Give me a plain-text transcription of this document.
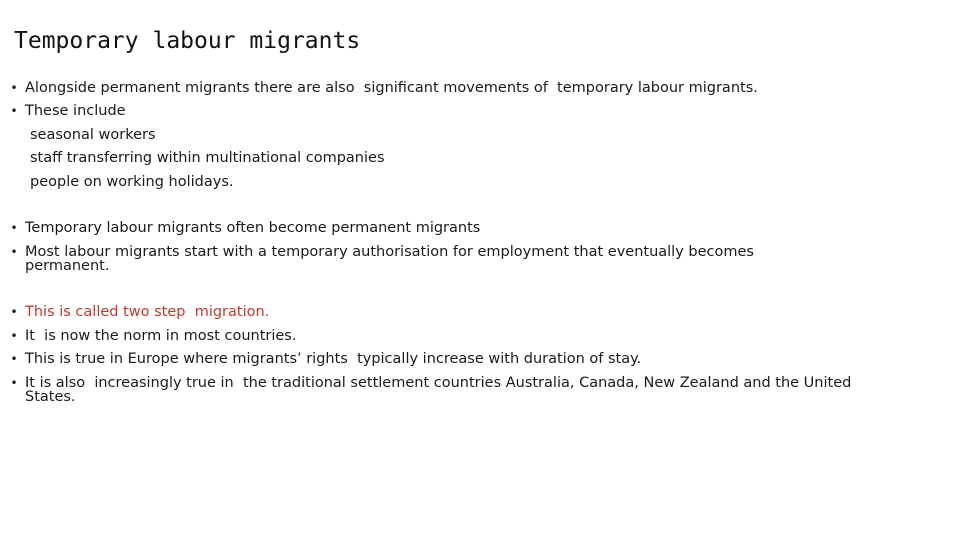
Temporary labour migrants
• Alongside permanent migrants there are also  significant movements of  temporary labour migrants.
• These include
seasonal workers
staff transferring within multinational companies
people on working holidays.
• Temporary labour migrants often become permanent migrants
• Most labour migrants start with a temporary authorisation for employment that eventually becomes permanent.
• This is called two step  migration.
• It  is now the norm in most countries.
• This is true in Europe where migrants’ rights  typically increase with duration of stay.
• It is also  increasingly true in  the traditional settlement countries Australia, Canada, New Zealand and the United States.
